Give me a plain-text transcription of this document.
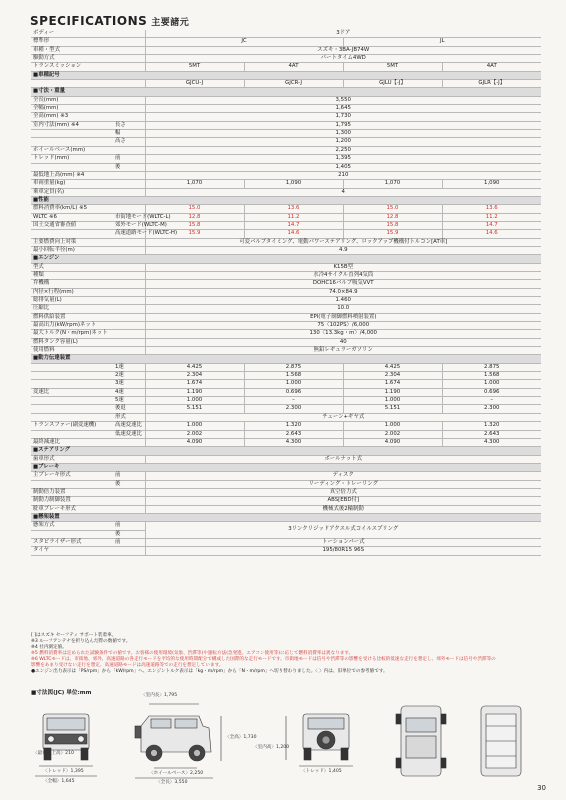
SPECIFICATIONS 主要諸元
ボディー		3ドア			
標準形		JC		JL	
車種・型式		スズキ・3BA-JB74W			
駆動方式		パートタイム4WD			
トランスミッション		5MT	4AT	5MT	4AT
■車種記号					
		GJCU-J	GJCR-J	GJLU【-J】	GJLR【-J】
■寸法・重量					
全長(mm)		3,550			
全幅(mm)		1,645			
全高(mm) ※3		1,730			
室内寸法(mm) ※4	長さ	1,795			
	幅	1,300			
	高さ	1,200			
ホイールベース(mm)		2,250			
トレッド(mm)	前	1,395			
	後	1,405			
最低地上高(mm) ※4		210			
車両重量(kg)		1,070	1,090	1,070	1,090
乗車定員(名)		4			
■性能					
燃料消費率(km/L) ※5		15.0	13.6	15.0	13.6
WLTC ※6	市街地モード(WLTC-L)	12.8	11.2	12.8	11.2
国土交通省審査値	郊外モード(WLTC-M)	15.8	14.7	15.8	14.7
	高速道路モード(WLTC-H)	15.9	14.6	15.9	14.6
主要燃費向上対策		可変バルブタイミング、電動パワーステアリング、ロックアップ機構付トルコン[AT車]			
最小回転半径(m)		4.9			
■エンジン					
型式		K15B型			
種類		水冷4サイクル直列4気筒			
弁機構		DOHC16バルブ吸気VVT			
内径×行程(mm)		74.0×84.9			
総排気量(L)		1.460			
圧縮比		10.0			
燃料供給装置		EPI(電子制御燃料噴射装置)			
最高出力(kW/rpm)ネット		75〈102PS〉/6,000			
最大トルク(N・m/rpm)ネット		130〈13.3kg・m〉/4,000			
燃料タンク容量(L)		40			
使用燃料		無鉛レギュラーガソリン			
■動力伝達装置					
	1速	4.425	2.875	4.425	2.875
	2速	2.304	1.568	2.304	1.568
	3速	1.674	1.000	1.674	1.000
変速比	4速	1.190	0.696	1.190	0.696
	5速	1.000	–	1.000	–
	後退	5.151	2.300	5.151	2.300
	形式	チェーン+ギヤ式			
トランスファー(副変速機)	高速変速比	1.000	1.320	1.000	1.320
	低速変速比	2.002	2.643	2.002	2.643
最終減速比		4.090	4.300	4.090	4.300
■ステアリング					
歯車形式		ボールナット式			
■ブレーキ					
主ブレーキ形式	前	ディスク			
	後	リーディング・トレーリング			
制動倍力装置		真空倍力式			
制動力制御装置		ABS[EBD付]			
駐車ブレーキ形式		機械式後2輪制動			
■懸架装置					
懸架方式	前	3リンクリジッドアクスル式コイルスプリング			
	後				
スタビライザー形式	前	トーションバー式			
タイヤ		195/80R15 96S			
[ ]はスズキ セーフティ サポート装着車。
※3 ルーフアンテナを折り込んだ際の数値です。
※4 社内測定値。
※5 燃料消費率は定められた試験条件での値です。お客様の使用環境(気象、渋滞等)や運転方法(急発進、エアコン使用等)に応じて燃料消費率は異なります。
※6 WLTCモードは、市街地、郊外、高速道路の各走行モードを平均的な使用時間配分で構成した国際的な走行モードです。市街地モードは信号や渋滞等の影響を受ける比較的低速な走行を想定し、郊外モードは信号や渋滞等の
影響をあまり受けない走行を想定、高速道路モードは高速道路等での走行を想定しています。
●エンジン出力表示は「PS/rpm」から「kW/rpm」へ、エンジントルク表示は「kg・m/rpm」から「N・m/rpm」へ切り替わりました。〈 〉内は、旧単位での参考値です。
■寸法図(JC) 単位:mm	〈室内長〉1,795
〈最低地上高〉210
〈トレッド〉1,395
〈全幅〉1,645
〈ホイールベース〉2,250
〈全長〉3,550
〈全高〉1,730
〈室内高〉1,200
〈トレッド〉1,405
30
